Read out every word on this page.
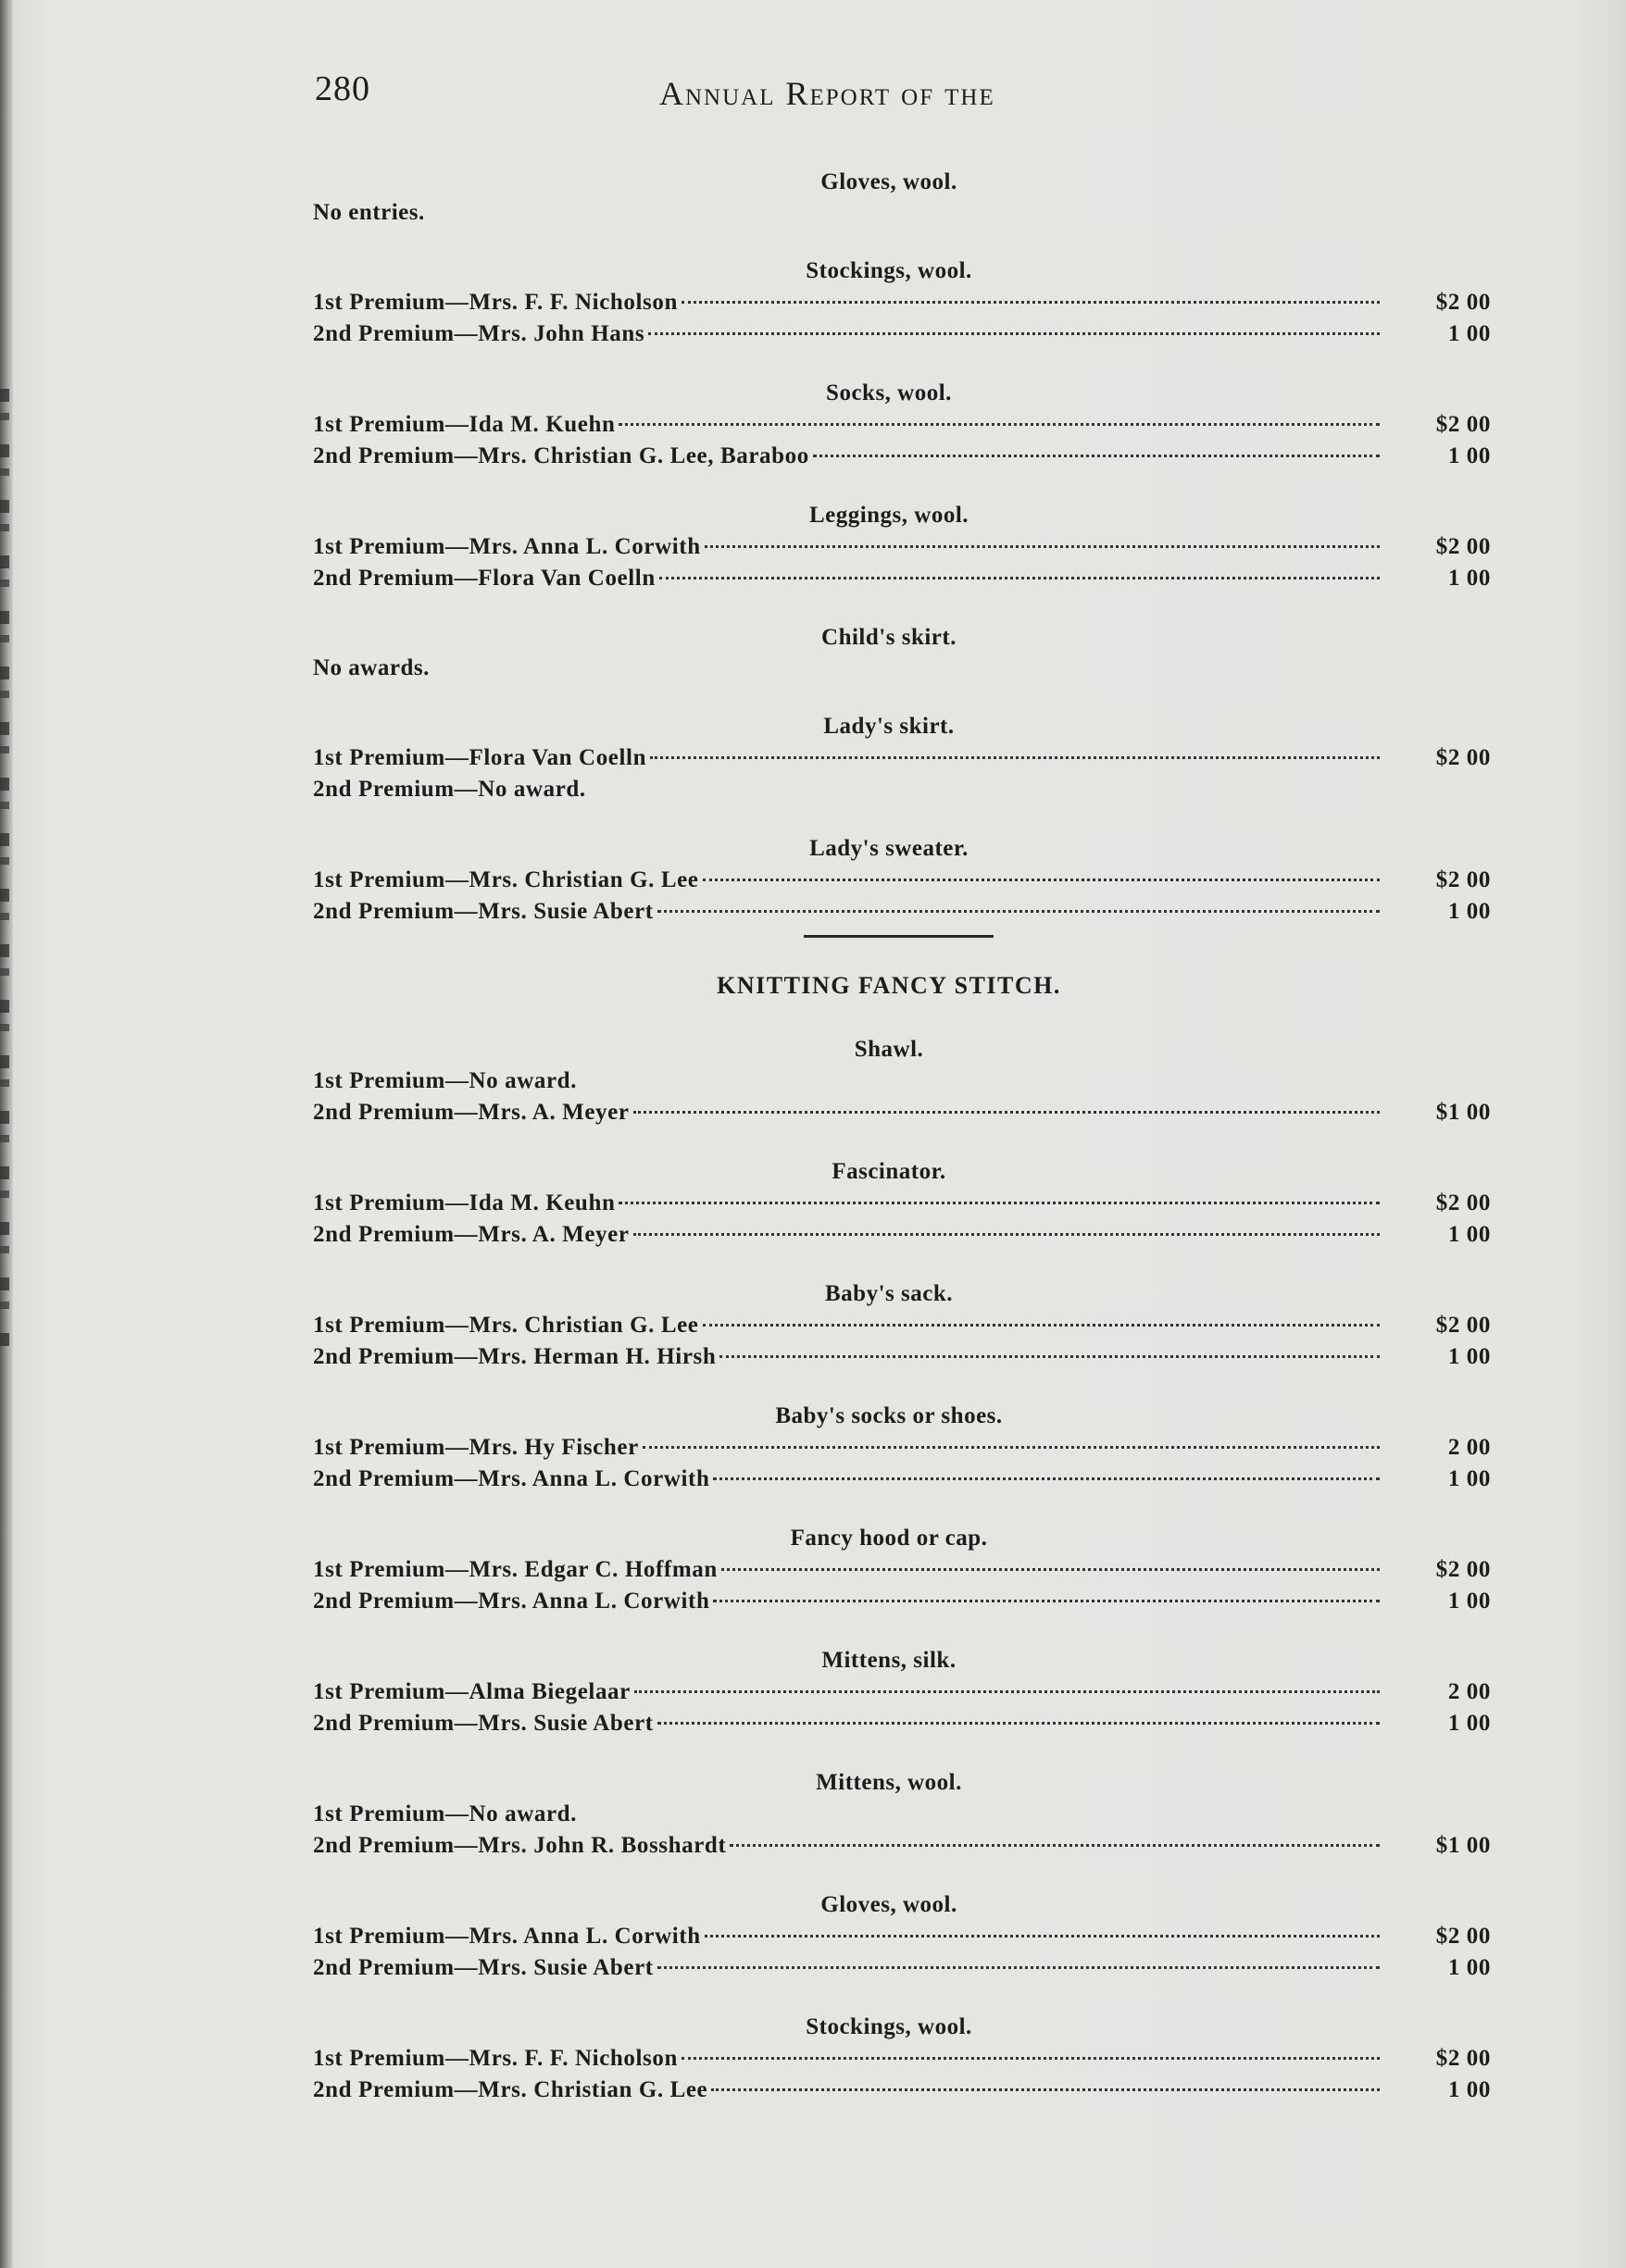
280	Annual Report of the
Gloves, wool.
No entries.
Stockings, wool.
1st Premium—Mrs. F. F. Nicholson	$2 00
2nd Premium—Mrs. John Hans	1 00
Socks, wool.
1st Premium—Ida M. Kuehn	$2 00
2nd Premium—Mrs. Christian G. Lee, Baraboo	1 00
Leggings, wool.
1st Premium—Mrs. Anna L. Corwith	$2 00
2nd Premium—Flora Van Coelln	1 00
Child's skirt.
No awards.
Lady's skirt.
1st Premium—Flora Van Coelln	$2 00
2nd Premium—No award.
Lady's sweater.
1st Premium—Mrs. Christian G. Lee	$2 00
2nd Premium—Mrs. Susie Abert	1 00
KNITTING FANCY STITCH.
Shawl.
1st Premium—No award.
2nd Premium—Mrs. A. Meyer	$1 00
Fascinator.
1st Premium—Ida M. Keuhn	$2 00
2nd Premium—Mrs. A. Meyer	1 00
Baby's sack.
1st Premium—Mrs. Christian G. Lee	$2 00
2nd Premium—Mrs. Herman H. Hirsh	1 00
Baby's socks or shoes.
1st Premium—Mrs. Hy Fischer	2 00
2nd Premium—Mrs. Anna L. Corwith	1 00
Fancy hood or cap.
1st Premium—Mrs. Edgar C. Hoffman	$2 00
2nd Premium—Mrs. Anna L. Corwith	1 00
Mittens, silk.
1st Premium—Alma Biegelaar	2 00
2nd Premium—Mrs. Susie Abert	1 00
Mittens, wool.
1st Premium—No award.
2nd Premium—Mrs. John R. Bosshardt	$1 00
Gloves, wool.
1st Premium—Mrs. Anna L. Corwith	$2 00
2nd Premium—Mrs. Susie Abert	1 00
Stockings, wool.
1st Premium—Mrs. F. F. Nicholson	$2 00
2nd Premium—Mrs. Christian G. Lee	1 00
